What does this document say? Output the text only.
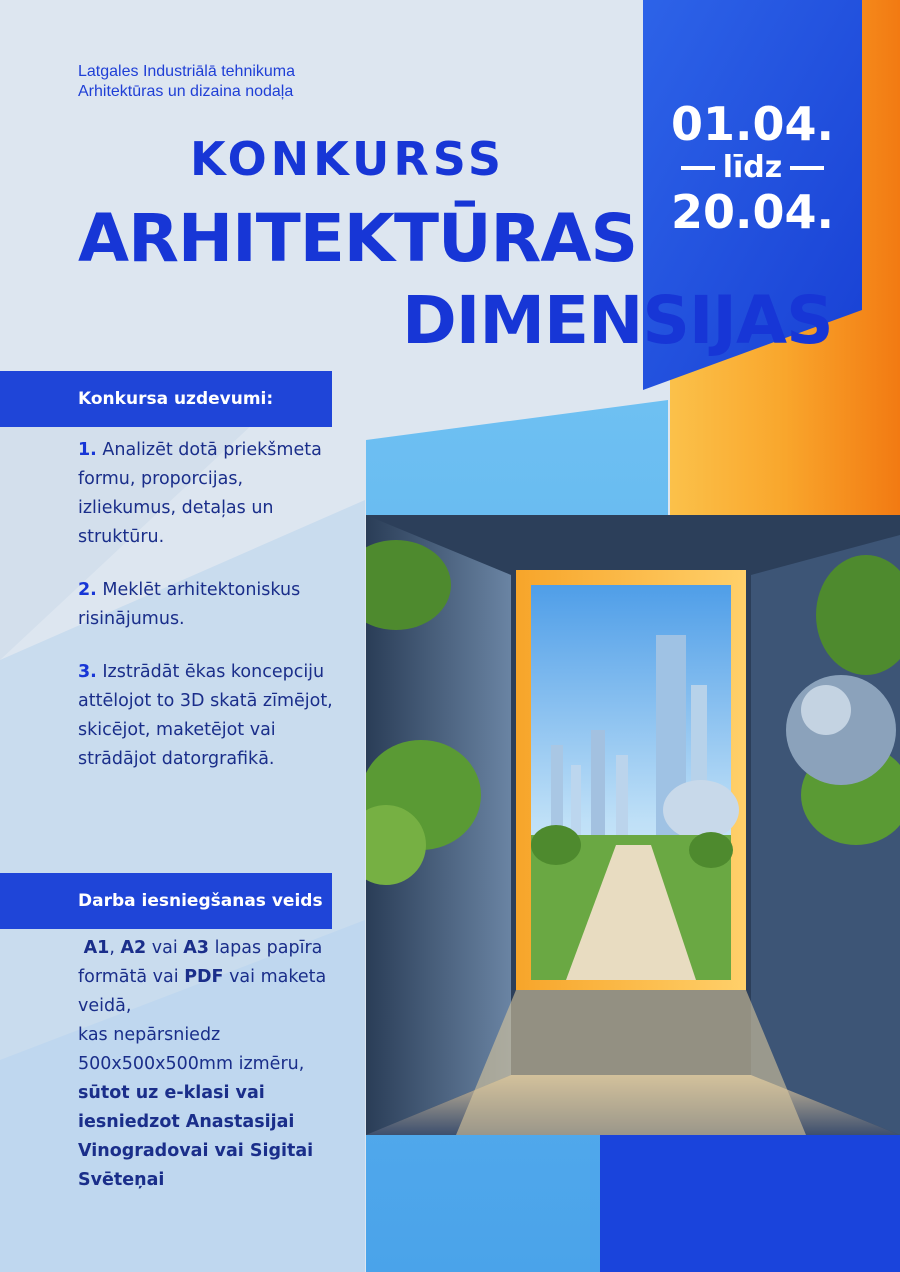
Latgales Industriālā tehnikuma
Arhitektūras un dizaina nodaļa
KONKURSS
ARHITEKTŪRAS
DIMENSIJAS
01.04.
līdz
20.04.
Konkursa uzdevumi:

1. Analizēt dotā priekšmeta formu, proporcijas, izliekumus, detaļas un struktūru.

2. Meklēt arhitektoniskus risinājumus.

3. Izstrādāt ēkas koncepciju attēlojot to 3D skatā zīmējot, skicējot, maketējot vai strādājot datorgrafikā.

Darba iesniegšanas veids

A1, A2 vai A3 lapas papīra formātā vai PDF vai maketa veidā,

kas nepārsniedz 500x500x500mm izmēru,

sūtot uz e-klasi vai iesniedzot Anastasijai Vinogradovai vai Sigitai Svēteņai
